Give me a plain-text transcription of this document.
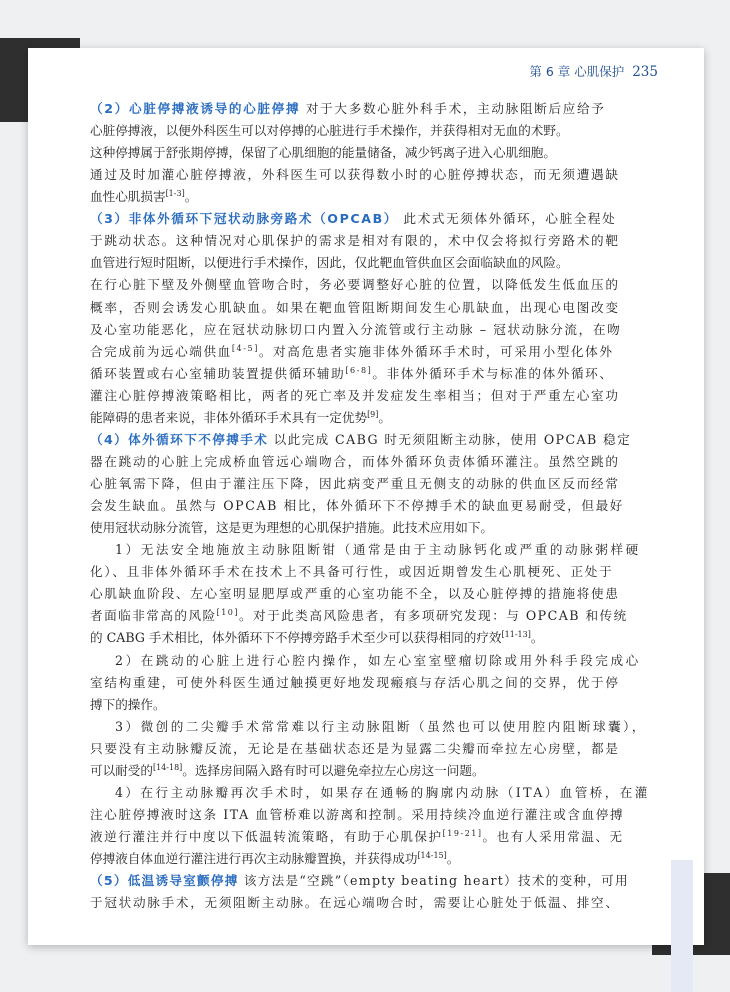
第 6 章 心肌保护 235
（2）心脏停搏液诱导的心脏停搏 对于大多数心脏外科手术，主动脉阻断后应给予
心脏停搏液，以便外科医生可以对停搏的心脏进行手术操作，并获得相对无血的术野。
这种停搏属于舒张期停搏，保留了心肌细胞的能量储备，减少钙离子进入心肌细胞。
通过及时加灌心脏停搏液，外科医生可以获得数小时的心脏停搏状态，而无须遭遇缺
血性心肌损害[1-3]。
（3）非体外循环下冠状动脉旁路术（OPCAB） 此术式无须体外循环，心脏全程处
于跳动状态。这种情况对心肌保护的需求是相对有限的，术中仅会将拟行旁路术的靶
血管进行短时阻断，以便进行手术操作，因此，仅此靶血管供血区会面临缺血的风险。
在行心脏下壁及外侧壁血管吻合时，务必要调整好心脏的位置，以降低发生低血压的
概率，否则会诱发心肌缺血。如果在靶血管阻断期间发生心肌缺血，出现心电图改变
及心室功能恶化，应在冠状动脉切口内置入分流管或行主动脉 – 冠状动脉分流，在吻
合完成前为远心端供血[4-5]。对高危患者实施非体外循环手术时，可采用小型化体外
循环装置或右心室辅助装置提供循环辅助[6-8]。非体外循环手术与标准的体外循环、
灌注心脏停搏液策略相比，两者的死亡率及并发症发生率相当；但对于严重左心室功
能障碍的患者来说，非体外循环手术具有一定优势[9]。
（4）体外循环下不停搏手术 以此完成 CABG 时无须阻断主动脉，使用 OPCAB 稳定
器在跳动的心脏上完成桥血管远心端吻合，而体外循环负责体循环灌注。虽然空跳的
心脏氧需下降，但由于灌注压下降，因此病变严重且无侧支的动脉的供血区反而经常
会发生缺血。虽然与 OPCAB 相比，体外循环下不停搏手术的缺血更易耐受，但最好
使用冠状动脉分流管，这是更为理想的心肌保护措施。此技术应用如下。
1）无法安全地施放主动脉阻断钳（通常是由于主动脉钙化或严重的动脉粥样硬
化）、且非体外循环手术在技术上不具备可行性，或因近期曾发生心肌梗死、正处于
心肌缺血阶段、左心室明显肥厚或严重的心室功能不全，以及心脏停搏的措施将使患
者面临非常高的风险[10]。对于此类高风险患者，有多项研究发现：与 OPCAB 和传统
的 CABG 手术相比，体外循环下不停搏旁路手术至少可以获得相同的疗效[11-13]。
2）在跳动的心脏上进行心腔内操作，如左心室室壁瘤切除或用外科手段完成心
室结构重建，可使外科医生通过触摸更好地发现瘢痕与存活心肌之间的交界，优于停
搏下的操作。
3）微创的二尖瓣手术常常难以行主动脉阻断（虽然也可以使用腔内阻断球囊），
只要没有主动脉瓣反流，无论是在基础状态还是为显露二尖瓣而牵拉左心房壁，都是
可以耐受的[14-18]。选择房间隔入路有时可以避免牵拉左心房这一问题。
4）在行主动脉瓣再次手术时，如果存在通畅的胸廓内动脉（ITA）血管桥，在灌
注心脏停搏液时这条 ITA 血管桥难以游离和控制。采用持续冷血逆行灌注或含血停搏
液逆行灌注并行中度以下低温转流策略，有助于心肌保护[19-21]。也有人采用常温、无
停搏液自体血逆行灌注进行再次主动脉瓣置换，并获得成功[14-15]。
（5）低温诱导室颤停搏 该方法是“空跳”（empty beating heart）技术的变种，可用
于冠状动脉手术，无须阻断主动脉。在远心端吻合时，需要让心脏处于低温、排空、
